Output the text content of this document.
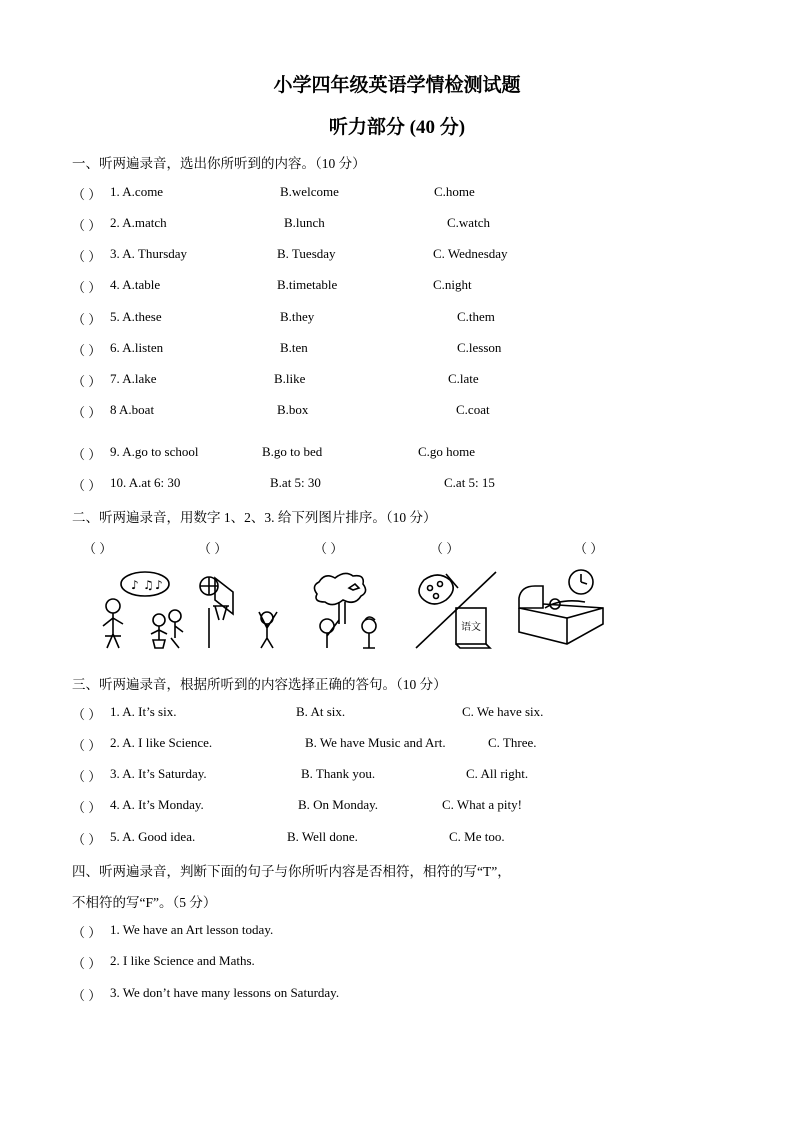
小学四年级英语学情检测试题
听力部分 (40 分)
一、听两遍录音，选出你所听到的内容。（10 分）
（ ） 1. A.come	B.welcome	C.home
（ ） 2. A.match	B.lunch	C.watch
（ ） 3. A. Thursday	B. Tuesday	C. Wednesday
（ ） 4. A.table	B.timetable	C.night
（ ） 5. A.these	B.they	C.them
（ ） 6. A.listen	B.ten	C.lesson
（ ） 7. A.lake	B.like	C.late
（ ） 8 A.boat	B.box	C.coat
（ ） 9. A.go to school	B.go to bed	C.go home
（ ） 10. A.at 6: 30	B.at 5: 30	C.at 5: 15
二、听两遍录音，用数字 1、2、3. 给下列图片排序。（10 分）
（ ）	（ ）	（ ）	（ ）	（ ）
♪ ♫ ♪
语文
三、听两遍录音，根据所听到的内容选择正确的答句。（10 分）
（ ） 1. A. It’s six.	B. At six.	C. We have six.
（ ） 2. A. I like Science.	B. We have Music and Art.	C. Three.
（ ） 3. A. It’s Saturday.	B. Thank you.	C. All right.
（ ） 4. A. It’s Monday.	B. On Monday.	C. What a pity!
（ ） 5. A. Good idea.	B. Well done.	C. Me too.
四、听两遍录音，判断下面的句子与你所听内容是否相符，相符的写“T”，
不相符的写“F”。（5 分）
（ ） 1. We have an Art lesson today.
（ ） 2. I like Science and Maths.
（ ） 3. We don’t have many lessons on Saturday.
